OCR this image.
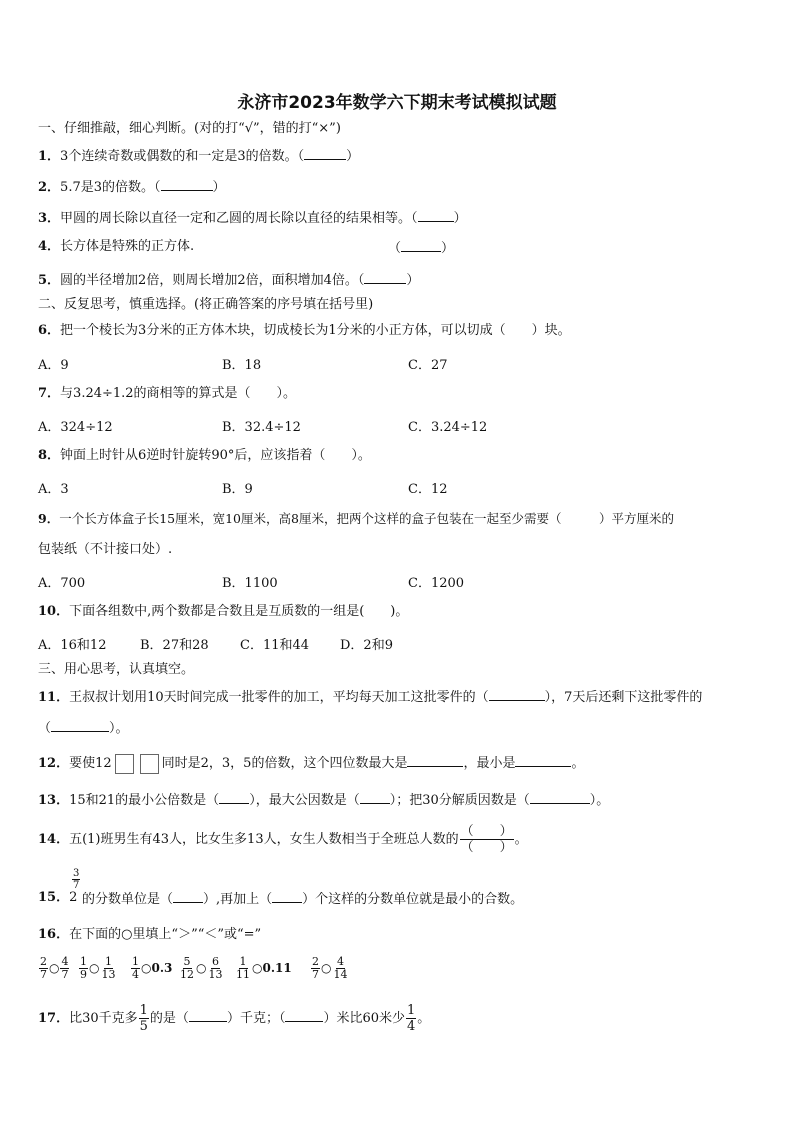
永济市2023年数学六下期末考试模拟试题
一、仔细推敲，细心判断。(对的打“√”，错的打“×”)
1．3个连续奇数或偶数的和一定是3的倍数。（	）
2．5.7是3的倍数。（	）
3．甲圆的周长除以直径一定和乙圆的周长除以直径的结果相等。（	）
4．长方体是特殊的正方体.	（	）
5．圆的半径增加2倍，则周长增加2倍，面积增加4倍。（	）
二、反复思考，慎重选择。(将正确答案的序号填在括号里)
6．把一个棱长为3分米的正方体木块，切成棱长为1分米的小正方体，可以切成（　　）块。
A．9	B．18	C．27
7．与3.24÷1.2的商相等的算式是（　　）。
A．324÷12	B．32.4÷12	C．3.24÷12
8．钟面上时针从6逆时针旋转90°后，应该指着（　　）。
A．3	B．9	C．12
9．一个长方体盒子长15厘米，宽10厘米，高8厘米，把两个这样的盒子包装在一起至少需要（　　　）平方厘米的
包装纸（不计接口处）.
A．700	B．1100	C．1200
10．下面各组数中,两个数都是合数且是互质数的一组是(　　)。
A．16和12	B．27和28 C．11和44 D．2和9
三、用心思考，认真填空。
11．王叔叔计划用10天时间完成一批零件的加工，平均每天加工这批零件的（	），7天后还剩下这批零件的
（	）。
12．要使12	同时是2，3，5的倍数，这个四位数最大是	，最小是	。
13．15和21的最小公倍数是（ ），最大公因数是（ ）；把30分解质因数是（	）。
14．五(1)班男生有43人，比女生多13人，女生人数相当于全班总人数的 $\frac{( )}{( )}$ 。
15．2
3
7
的分数单位是（ ）,再加上（ ）个这样的分数单位就是最小的合数。
16．在下面的○里填上“＞”“＜”或“=”
$\frac{2}{7}$ ○ $\frac{4}{7} \frac{1}{9}$ ○ $\frac{1}{13} \frac{1}{4}$ ○0.3 $\frac{5}{12}$ ○ $\frac{6}{13} \frac{1}{11}$ ○0.11 $\frac{2}{7}$ ○ $\frac{4}{14}$
17．比30千克多 $\frac{1}{5}$ 的是（	）千克；（	）米比60米少 $\frac{1}{4}$ 。
